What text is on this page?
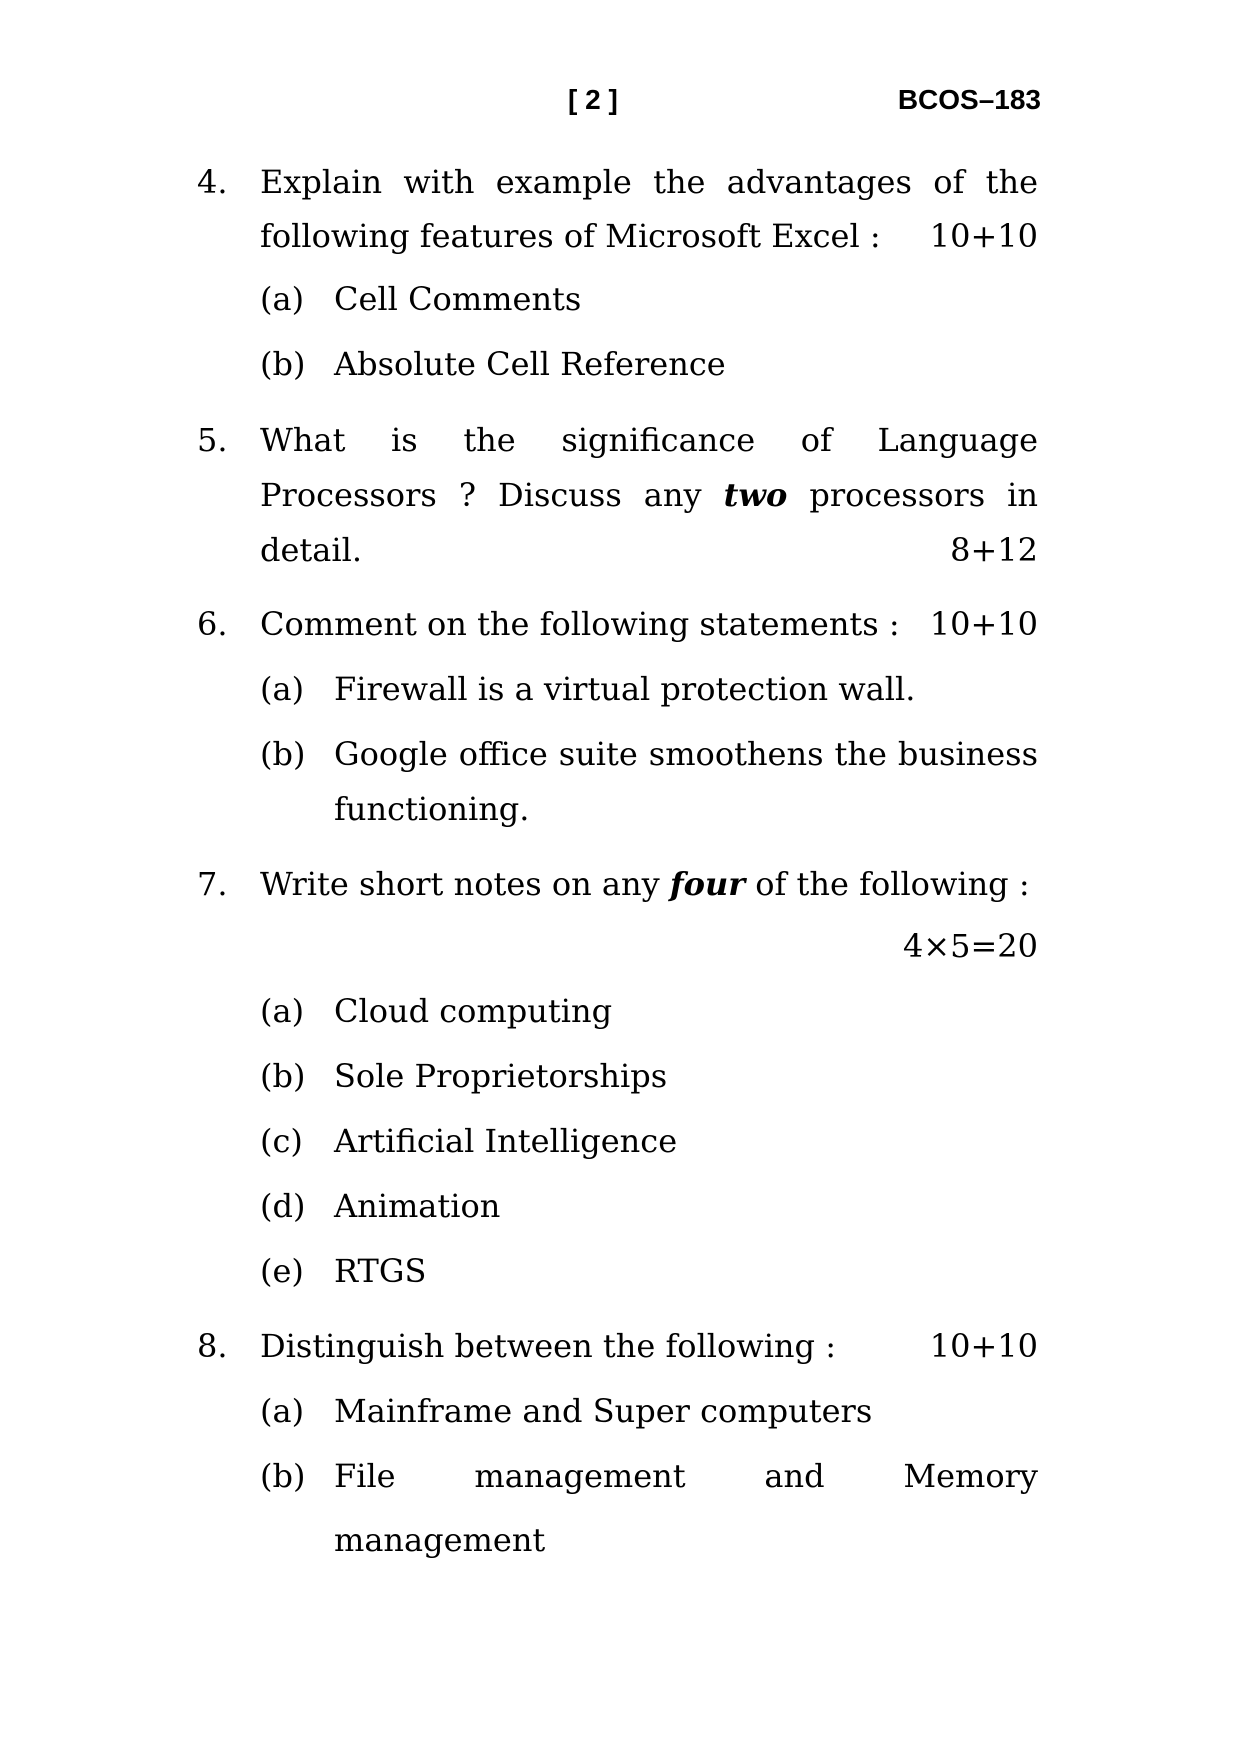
[ 2 ]	BCOS–183
4. Explain with example the advantages of the
following features of Microsoft Excel : 10+10
(a) Cell Comments
(b) Absolute Cell Reference
5. What is the significance of Language
Processors ? Discuss any two processors in
detail.	8+12
6. Comment on the following statements : 10+10
(a) Firewall is a virtual protection wall.
(b) Google office suite smoothens the business
functioning.
7. Write short notes on any four of the following :
4×5=20
(a) Cloud computing
(b) Sole Proprietorships
(c) Artificial Intelligence
(d) Animation
(e) RTGS
8. Distinguish between the following :	10+10
(a) Mainframe and Super computers
(b) File management and Memory
management
